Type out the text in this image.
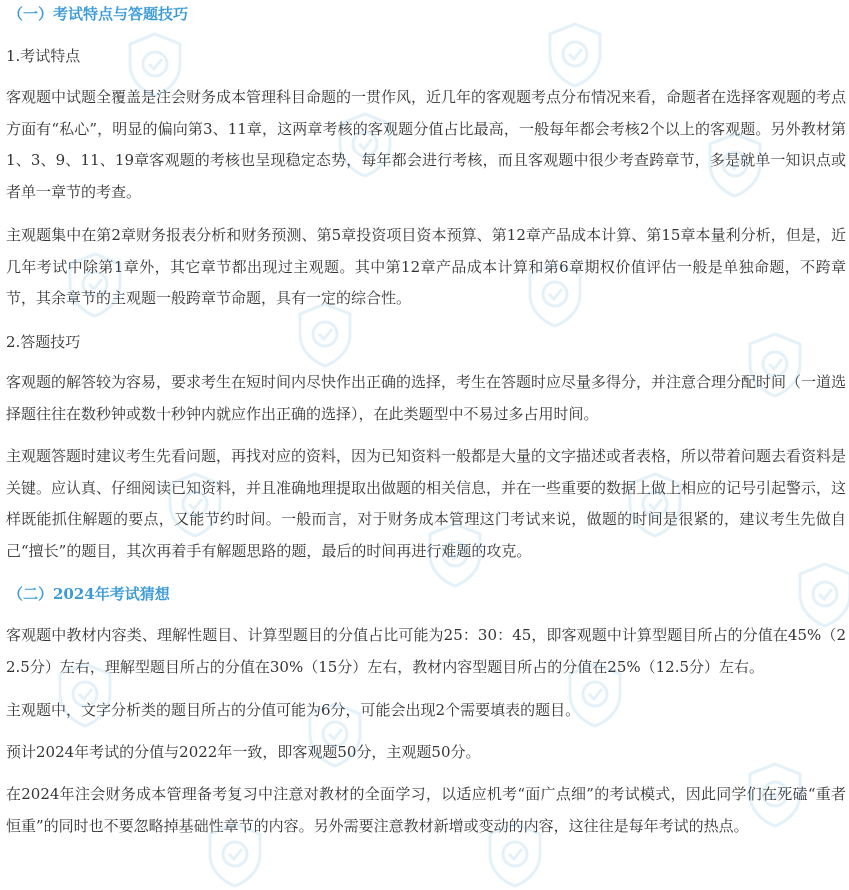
（一）考试特点与答题技巧
1.考试特点
客观题中试题全覆盖是注会财务成本管理科目命题的一贯作风，近几年的客观题考点分布情况来看，命题者在选择客观题的考点方面有“私心”，明显的偏向第3、11章，这两章考核的客观题分值占比最高，一般每年都会考核2个以上的客观题。另外教材第1、3、9、11、19章客观题的考核也呈现稳定态势，每年都会进行考核，而且客观题中很少考查跨章节，多是就单一知识点或者单一章节的考查。
主观题集中在第2章财务报表分析和财务预测、第5章投资项目资本预算、第12章产品成本计算、第15章本量利分析，但是，近几年考试中除第1章外，其它章节都出现过主观题。其中第12章产品成本计算和第6章期权价值评估一般是单独命题，不跨章节，其余章节的主观题一般跨章节命题，具有一定的综合性。
2.答题技巧
客观题的解答较为容易，要求考生在短时间内尽快作出正确的选择，考生在答题时应尽量多得分，并注意合理分配时间（一道选择题往往在数秒钟或数十秒钟内就应作出正确的选择），在此类题型中不易过多占用时间。
主观题答题时建议考生先看问题，再找对应的资料，因为已知资料一般都是大量的文字描述或者表格，所以带着问题去看资料是关键。应认真、仔细阅读已知资料，并且准确地理提取出做题的相关信息，并在一些重要的数据上做上相应的记号引起警示，这样既能抓住解题的要点，又能节约时间。一般而言，对于财务成本管理这门考试来说，做题的时间是很紧的，建议考生先做自己“擅长”的题目，其次再着手有解题思路的题，最后的时间再进行难题的攻克。
（二）2024年考试猜想
客观题中教材内容类、理解性题目、计算型题目的分值占比可能为25：30：45，即客观题中计算型题目所占的分值在45%（22.5分）左右，理解型题目所占的分值在30%（15分）左右，教材内容型题目所占的分值在25%（12.5分）左右。
主观题中，文字分析类的题目所占的分值可能为6分，可能会出现2个需要填表的题目。
预计2024年考试的分值与2022年一致，即客观题50分，主观题50分。
在2024年注会财务成本管理备考复习中注意对教材的全面学习，以适应机考“面广点细”的考试模式，因此同学们在死磕“重者恒重”的同时也不要忽略掉基础性章节的内容。另外需要注意教材新增或变动的内容，这往往是每年考试的热点。
